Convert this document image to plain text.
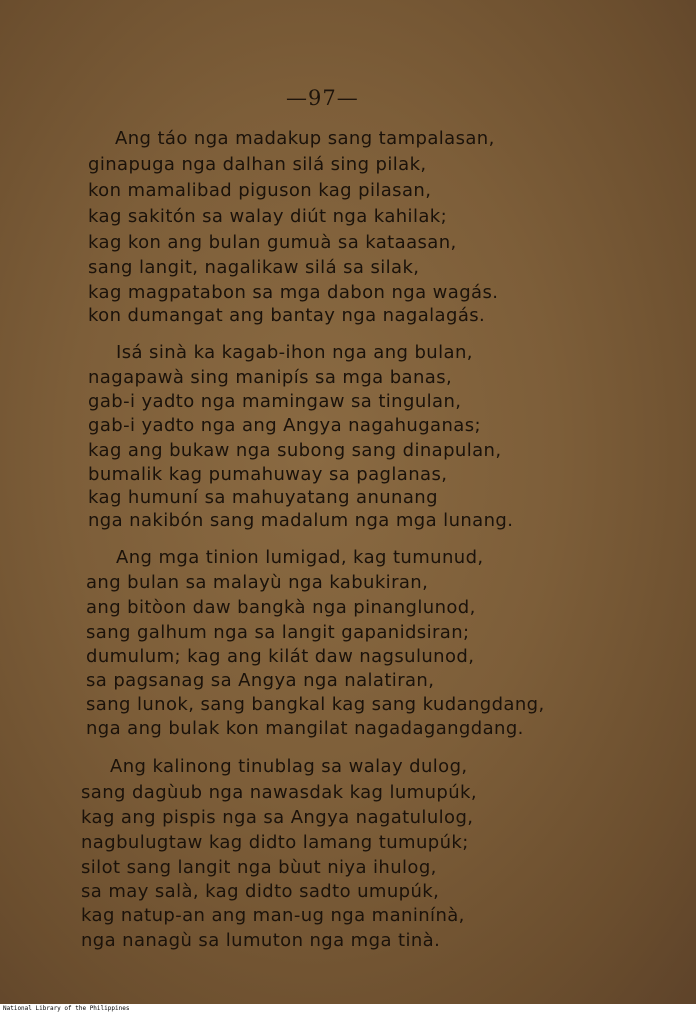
—97—
Ang táo nga madakup sang tampalasan,
ginapuga nga dalhan silá sing pilak,
kon mamalibad piguson kag pilasan,
kag sakitón sa walay diút nga kahilak;
kag kon ang bulan gumuà sa kataasan,
sang langit, nagalikaw silá sa silak,
kag magpatabon sa mga dabon nga wagás.
kon dumangat ang bantay nga nagalagás.
Isá sinà ka kagab-ihon nga ang bulan,
nagapawà sing manipís sa mga banas,
gab-i yadto nga mamingaw sa tingulan,
gab-i yadto nga ang Angya nagahuganas;
kag ang bukaw nga subong sang dinapulan,
bumalik kag pumahuway sa paglanas,
kag humuní sa mahuyatang anunang
nga nakibón sang madalum nga mga lunang.
Ang mga tinion lumigad, kag tumunud,
ang bulan sa malayù nga kabukiran,
ang bitòon daw bangkà nga pinanglunod,
sang galhum nga sa langit gapanidsiran;
dumulum; kag ang kilát daw nagsulunod,
sa pagsanag sa Angya nga nalatiran,
sang lunok, sang bangkal kag sang kudangdang,
nga ang bulak kon mangilat nagadagangdang.
Ang kalinong tinublag sa walay dulog,
sang dagùub nga nawasdak kag lumupúk,
kag ang pispis nga sa Angya nagatululog,
nagbulugtaw kag didto lamang tumupúk;
silot sang langit nga bùut niya ihulog,
sa may salà, kag didto sadto umupúk,
kag natup-an ang man-ug nga maninínà,
nga nanagù sa lumuton nga mga tinà.
National Library of the Philippines
